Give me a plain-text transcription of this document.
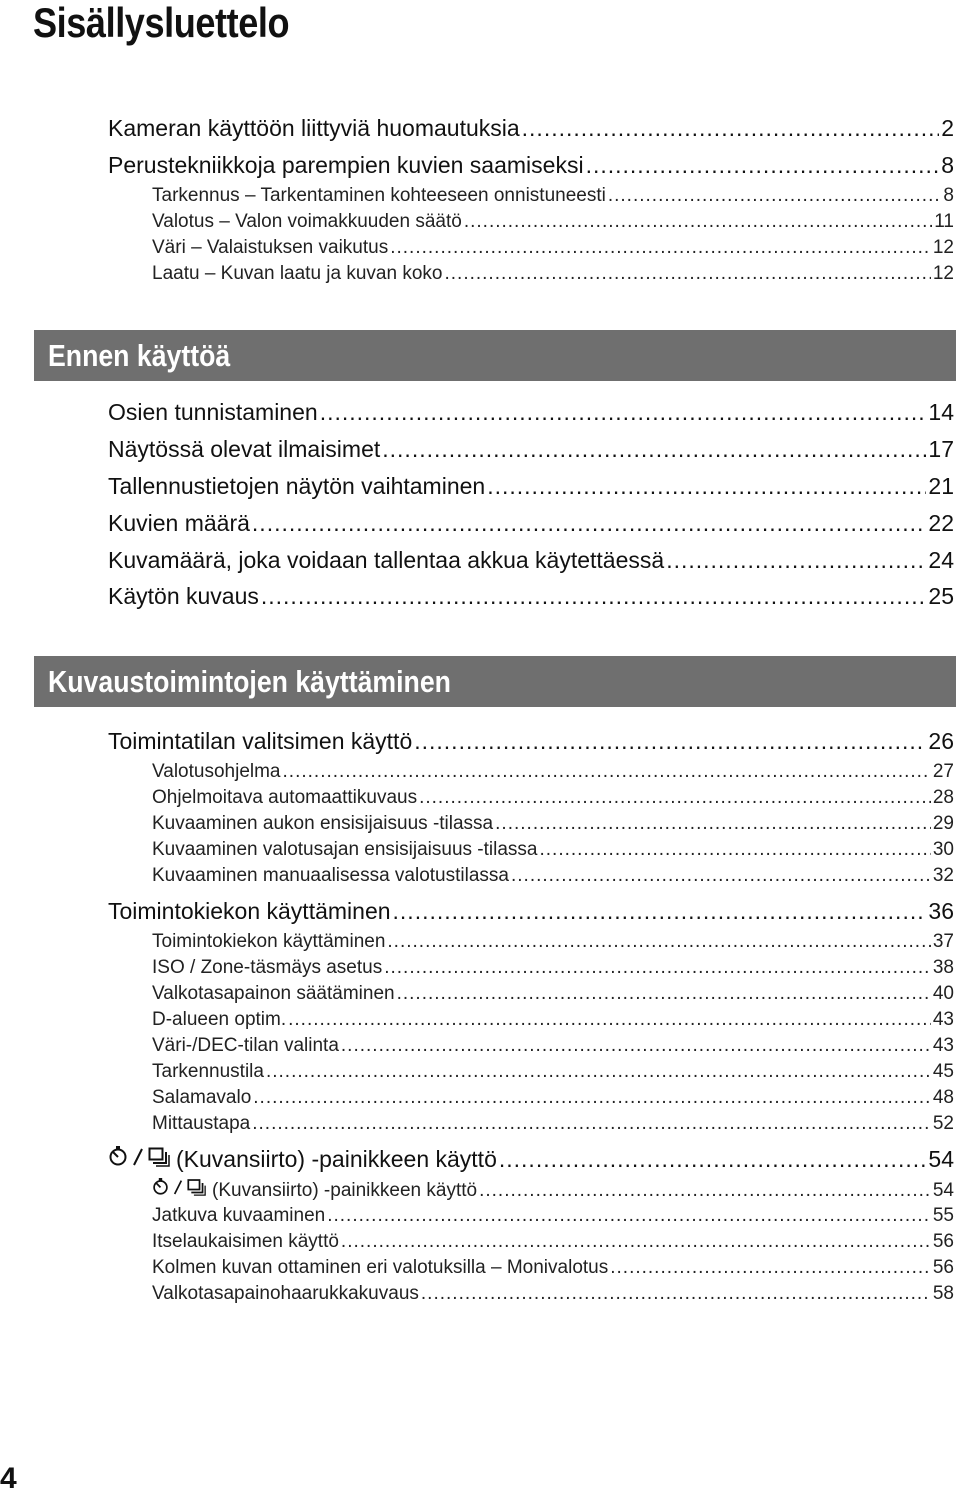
Sisällysluettelo
Ennen käyttöä
Kuvaustoimintojen käyttäminen
Kameran käyttöön liittyviä huomautuksia .....	2
Perustekniikkoja parempien kuvien saamiseksi .....	8
Tarkennus – Tarkentaminen kohteeseen onnistuneesti .....	8
Valotus – Valon voimakkuuden säätö .....	11
Väri – Valaistuksen vaikutus .....	12
Laatu – Kuvan laatu ja kuvan koko .....	12
Osien tunnistaminen .....	14
Näytössä olevat ilmaisimet .....	17
Tallennustietojen näytön vaihtaminen .....	21
Kuvien määrä .....	22
Kuvamäärä, joka voidaan tallentaa akkua käytettäessä .....	24
Käytön kuvaus .....	25
Toimintatilan valitsimen käyttö .....	26
Valotusohjelma .....	27
Ohjelmoitava automaattikuvaus .....	28
Kuvaaminen aukon ensisijaisuus -tilassa .....	29
Kuvaaminen valotusajan ensisijaisuus -tilassa .....	30
Kuvaaminen manuaalisessa valotustilassa .....	32
Toimintokiekon käyttäminen .....	36
Toimintokiekon käyttäminen .....	37
ISO / Zone-täsmäys asetus .....	38
Valkotasapainon säätäminen .....	40
D-alueen optim. .....	43
Väri-/DEC-tilan valinta .....	43
Tarkennustila .....	45
Salamavalo .....	48
Mittaustapa .....	52
(Kuvansiirto) -painikkeen käyttö .....	54
(Kuvansiirto) -painikkeen käyttö .....	54
Jatkuva kuvaaminen .....	55
Itselaukaisimen käyttö .....	56
Kolmen kuvan ottaminen eri valotuksilla – Monivalotus .....	56
Valkotasapainohaarukkakuvaus .....	58
4
